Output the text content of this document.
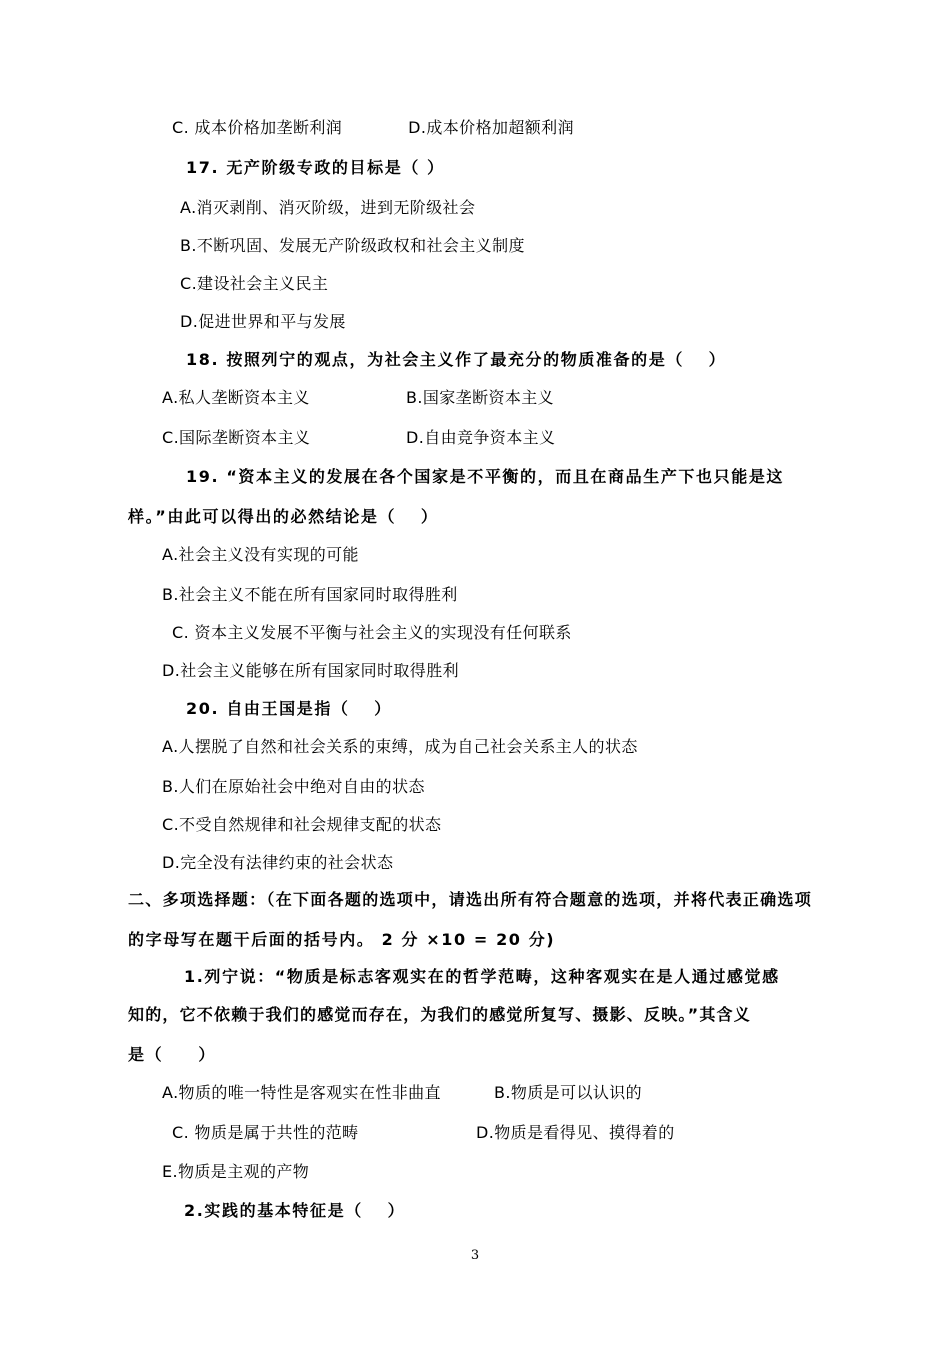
C. 成本价格加垄断利润	D.成本价格加超额利润
17. 无产阶级专政的目标是（ ）
A.消灭剥削、消灭阶级，进到无阶级社会
B.不断巩固、发展无产阶级政权和社会主义制度
C.建设社会主义民主
D.促进世界和平与发展
18. 按照列宁的观点，为社会主义作了最充分的物质准备的是（　 ）
A.私人垄断资本主义	B.国家垄断资本主义
C.国际垄断资本主义	D.自由竞争资本主义
19. “资本主义的发展在各个国家是不平衡的，而且在商品生产下也只能是这
样。”由此可以得出的必然结论是（　 ）
A.社会主义没有实现的可能
B.社会主义不能在所有国家同时取得胜利
C. 资本主义发展不平衡与社会主义的实现没有任何联系
D.社会主义能够在所有国家同时取得胜利
20. 自由王国是指（　 ）
A.人摆脱了自然和社会关系的束缚，成为自己社会关系主人的状态
B.人们在原始社会中绝对自由的状态
C.不受自然规律和社会规律支配的状态
D.完全没有法律约束的社会状态
二、多项选择题：（在下面各题的选项中，请选出所有符合题意的选项，并将代表正确选项
的字母写在题干后面的括号内。 2 分 ×10 = 20 分)
1.列宁说：“物质是标志客观实在的哲学范畴，这种客观实在是人通过感觉感
知的，它不依赖于我们的感觉而存在，为我们的感觉所复写、摄影、反映。”其含义
是（　　）
A.物质的唯一特性是客观实在性非曲直	B.物质是可以认识的
C. 物质是属于共性的范畴	D.物质是看得见、摸得着的
E.物质是主观的产物
2.实践的基本特征是（　 ）
3
